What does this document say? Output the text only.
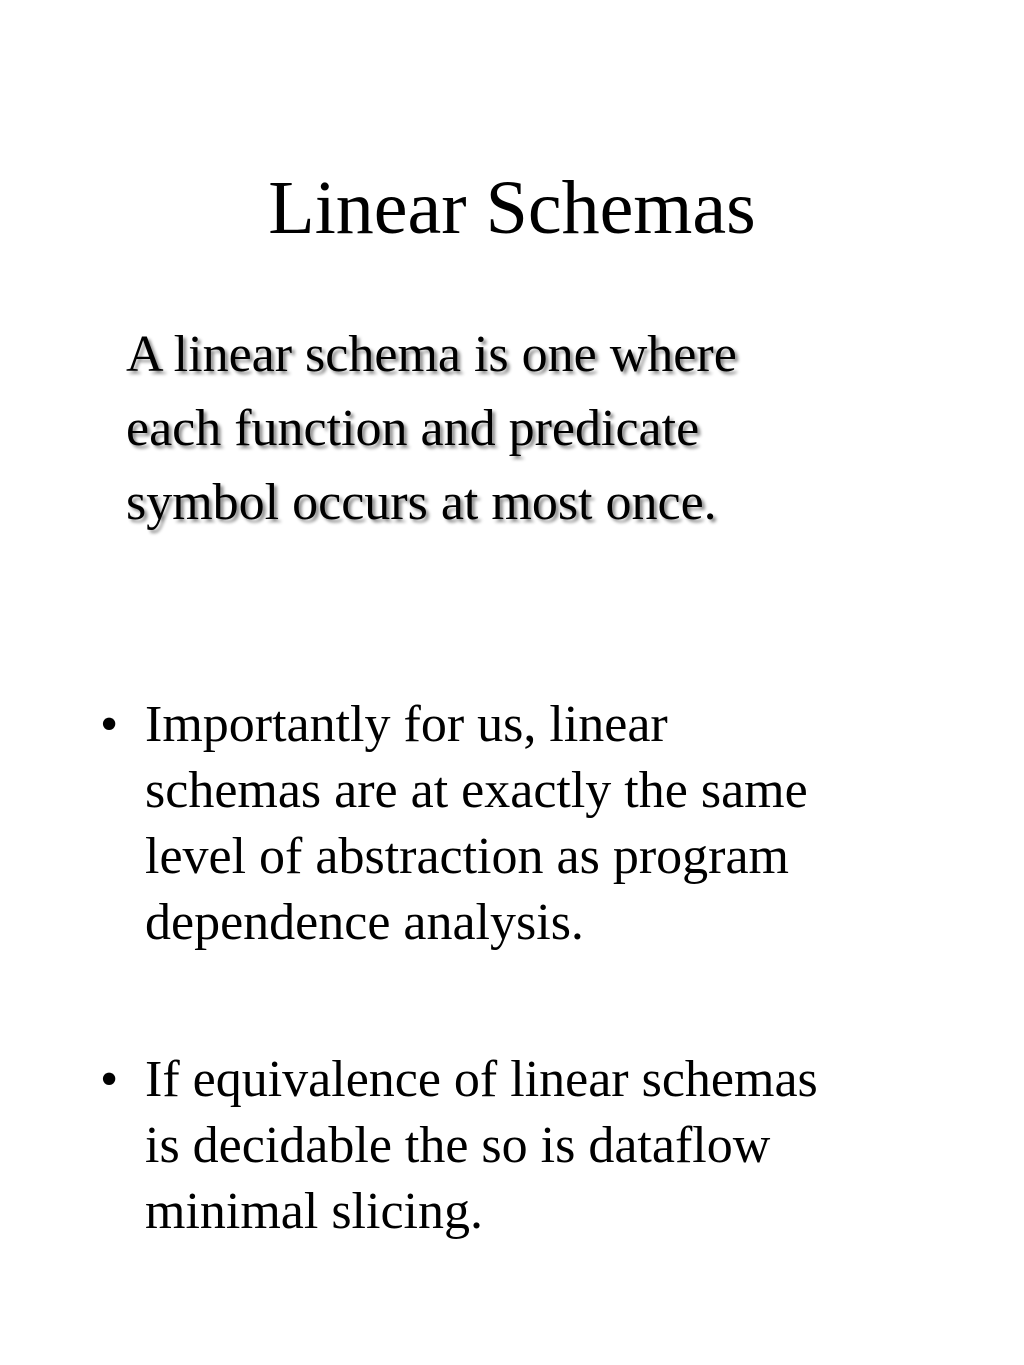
Linear Schemas
A linear schema is one where
each function and predicate
symbol occurs at most once.
• Importantly for us, linear
schemas are at exactly the same
level of abstraction as program
dependence analysis.
• If equivalence of linear schemas
is decidable the so is dataflow
minimal slicing.
